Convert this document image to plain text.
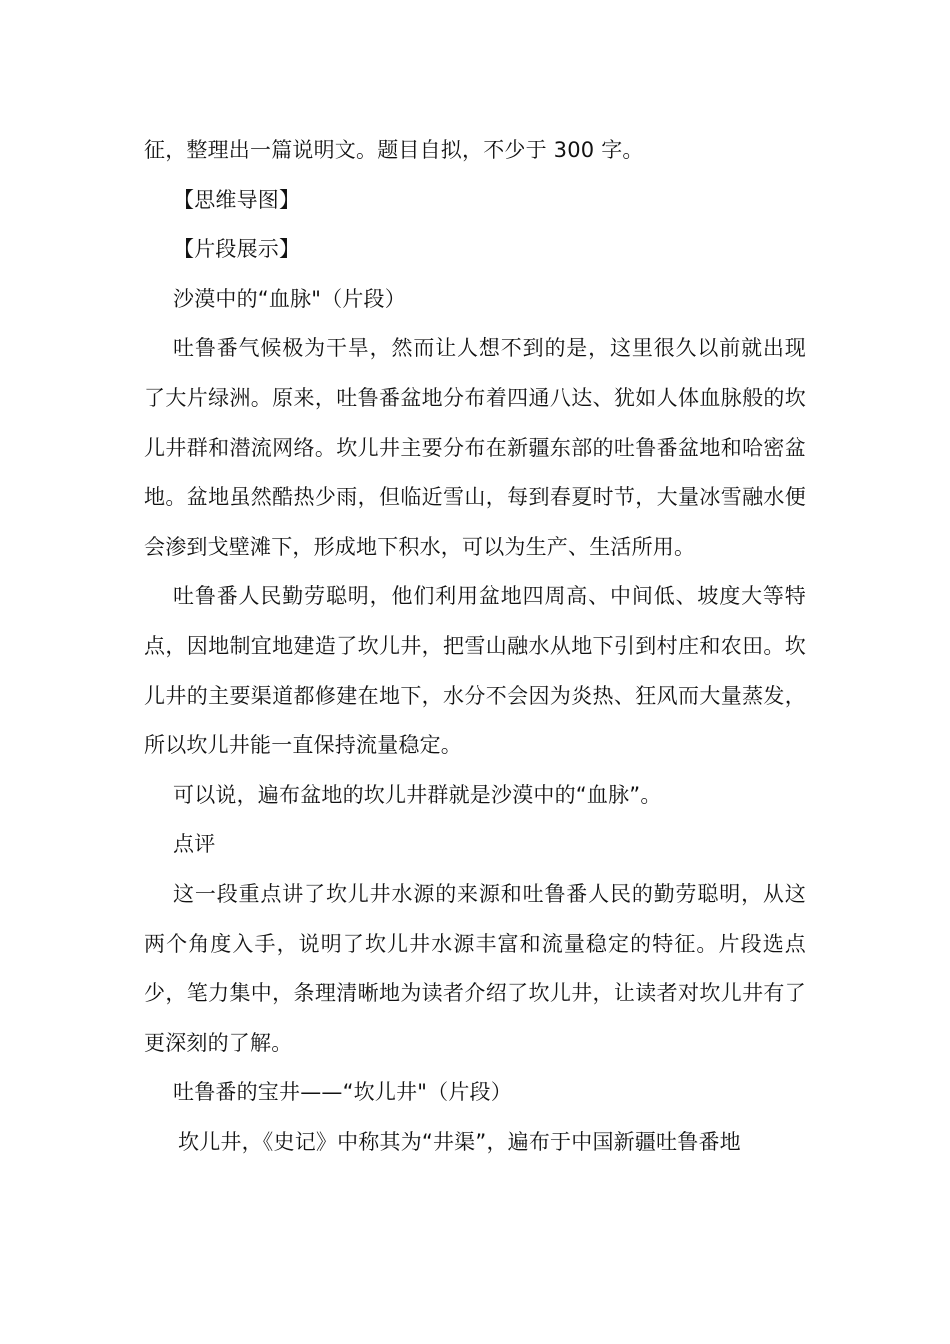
征，整理出一篇说明文。题目自拟，不少于 300 字。

【思维导图】

【片段展示】

沙漠中的“血脉"（片段）

吐鲁番气候极为干旱，然而让人想不到的是，这里很久以前就出现了大片绿洲。原来，吐鲁番盆地分布着四通八达、犹如人体血脉般的坎儿井群和潜流网络。坎儿井主要分布在新疆东部的吐鲁番盆地和哈密盆地。盆地虽然酷热少雨，但临近雪山，每到春夏时节，大量冰雪融水便会渗到戈壁滩下，形成地下积水，可以为生产、生活所用。

吐鲁番人民勤劳聪明，他们利用盆地四周高、中间低、坡度大等特点，因地制宜地建造了坎儿井，把雪山融水从地下引到村庄和农田。坎儿井的主要渠道都修建在地下，水分不会因为炎热、狂风而大量蒸发，所以坎儿井能一直保持流量稳定。

可以说，遍布盆地的坎儿井群就是沙漠中的“血脉”。

点评

这一段重点讲了坎儿井水源的来源和吐鲁番人民的勤劳聪明，从这两个角度入手，说明了坎儿井水源丰富和流量稳定的特征。片段选点少，笔力集中，条理清晰地为读者介绍了坎儿井，让读者对坎儿井有了更深刻的了解。

吐鲁番的宝井——“坎儿井"（片段）

坎儿井，《史记》中称其为“井渠”，遍布于中国新疆吐鲁番地
